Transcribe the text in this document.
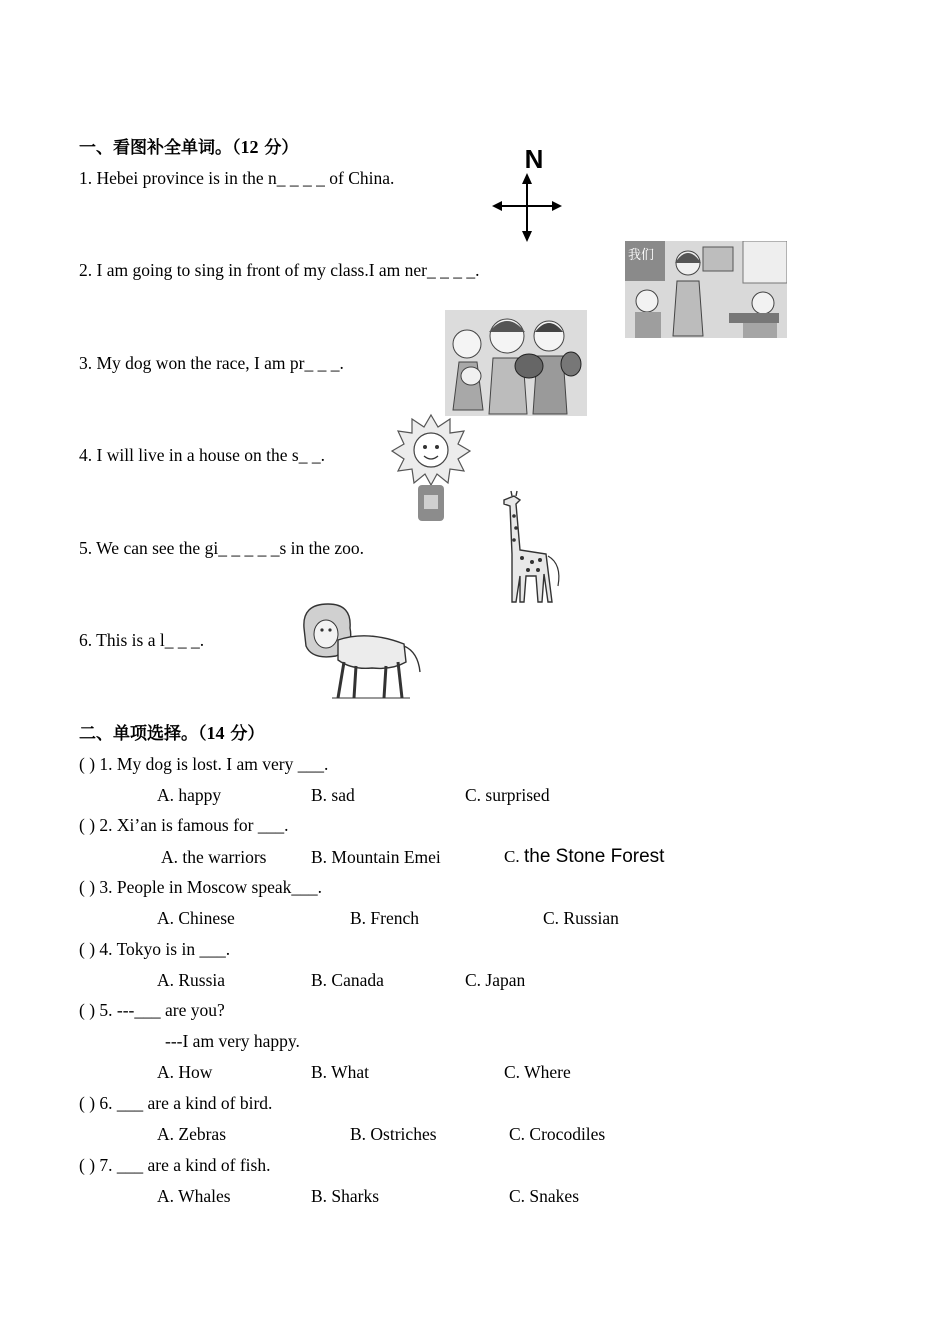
一、看图补全单词。（12 分）
1. Hebei province is in the n_ _ _ _ of China.
2. I am going to sing in front of my class.I am ner_ _ _ _.
3. My dog won the race, I am pr_ _ _.
4. I will live in a house on the s_ _.
5. We can see the gi_ _ _ _ _s in the zoo.
6. This is a l_ _ _.
N
我们
二、单项选择。（14 分）
( ) 1. My dog is lost. I am very ___.
A. happy	B. sad	C. surprised
( ) 2. Xi’an is famous for ___.
A. the warriors	B. Mountain Emei	C. the Stone Forest
( ) 3. People in Moscow speak___.
A. Chinese	B. French	C. Russian
( ) 4. Tokyo is in ___.
A. Russia	B. Canada	C. Japan
( ) 5. ---___ are you?
---I am very happy.
A. How	B. What	C. Where
( ) 6. ___ are a kind of bird.
A. Zebras	B. Ostriches	C. Crocodiles
( ) 7. ___ are a kind of fish.
A. Whales	B. Sharks	C. Snakes
